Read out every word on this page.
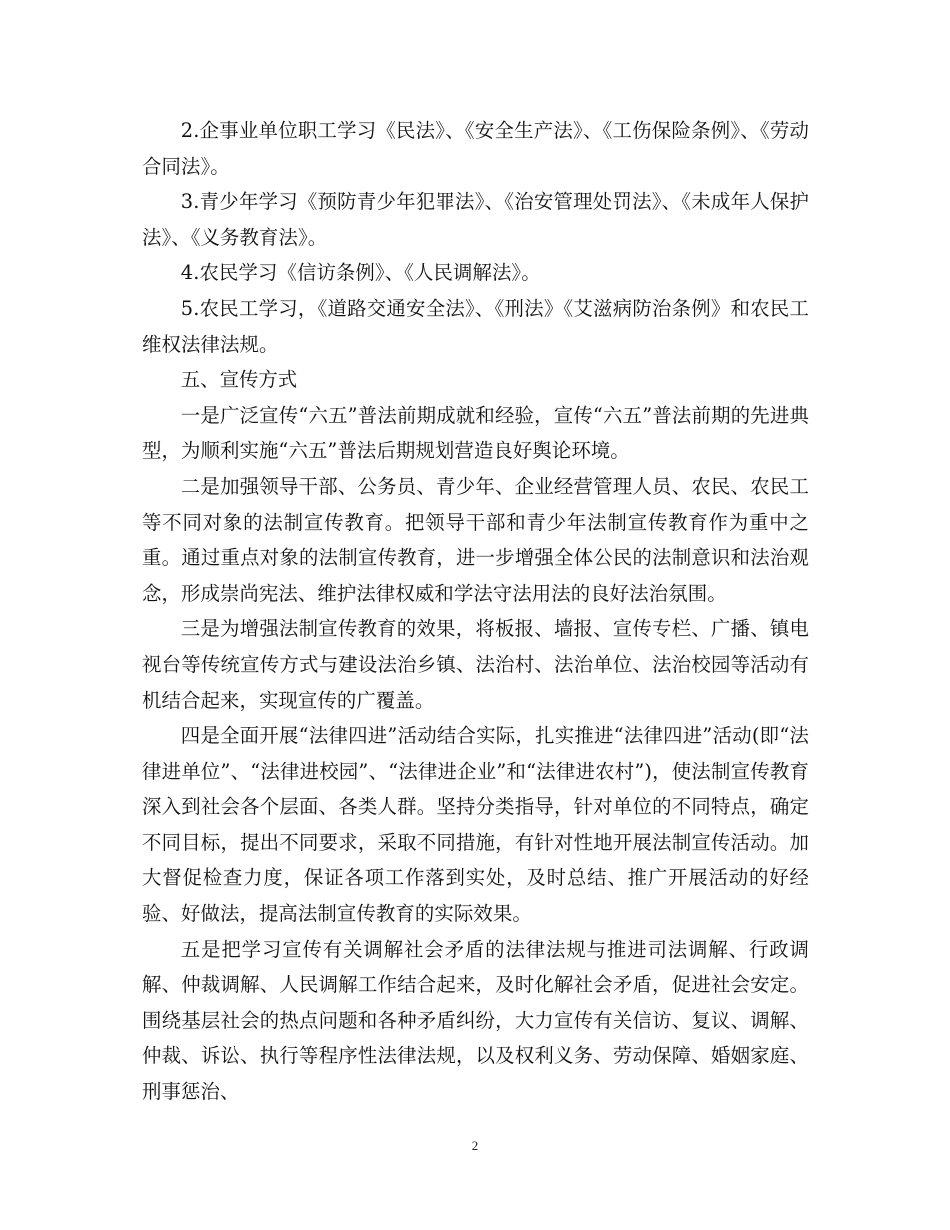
2.企事业单位职工学习《民法》、《安全生产法》、《工伤保险条例》、《劳动合同法》。

3.青少年学习《预防青少年犯罪法》、《治安管理处罚法》、《未成年人保护法》、《义务教育法》。

4.农民学习《信访条例》、《人民调解法》。

5.农民工学习，《道路交通安全法》、《刑法》《艾滋病防治条例》和农民工维权法律法规。

五、宣传方式

一是广泛宣传“六五”普法前期成就和经验，宣传“六五”普法前期的先进典型，为顺利实施“六五”普法后期规划营造良好舆论环境。

二是加强领导干部、公务员、青少年、企业经营管理人员、农民、农民工等不同对象的法制宣传教育。把领导干部和青少年法制宣传教育作为重中之重。通过重点对象的法制宣传教育，进一步增强全体公民的法制意识和法治观念，形成崇尚宪法、维护法律权威和学法守法用法的良好法治氛围。

三是为增强法制宣传教育的效果，将板报、墙报、宣传专栏、广播、镇电视台等传统宣传方式与建设法治乡镇、法治村、法治单位、法治校园等活动有机结合起来，实现宣传的广覆盖。

四是全面开展“法律四进”活动结合实际，扎实推进“法律四进”活动(即“法律进单位”、“法律进校园”、“法律进企业”和“法律进农村”)，使法制宣传教育深入到社会各个层面、各类人群。坚持分类指导，针对单位的不同特点，确定不同目标，提出不同要求，采取不同措施，有针对性地开展法制宣传活动。加大督促检查力度，保证各项工作落到实处，及时总结、推广开展活动的好经验、好做法，提高法制宣传教育的实际效果。

五是把学习宣传有关调解社会矛盾的法律法规与推进司法调解、行政调解、仲裁调解、人民调解工作结合起来，及时化解社会矛盾，促进社会安定。围绕基层社会的热点问题和各种矛盾纠纷，大力宣传有关信访、复议、调解、仲裁、诉讼、执行等程序性法律法规，以及权利义务、劳动保障、婚姻家庭、刑事惩治、

2
